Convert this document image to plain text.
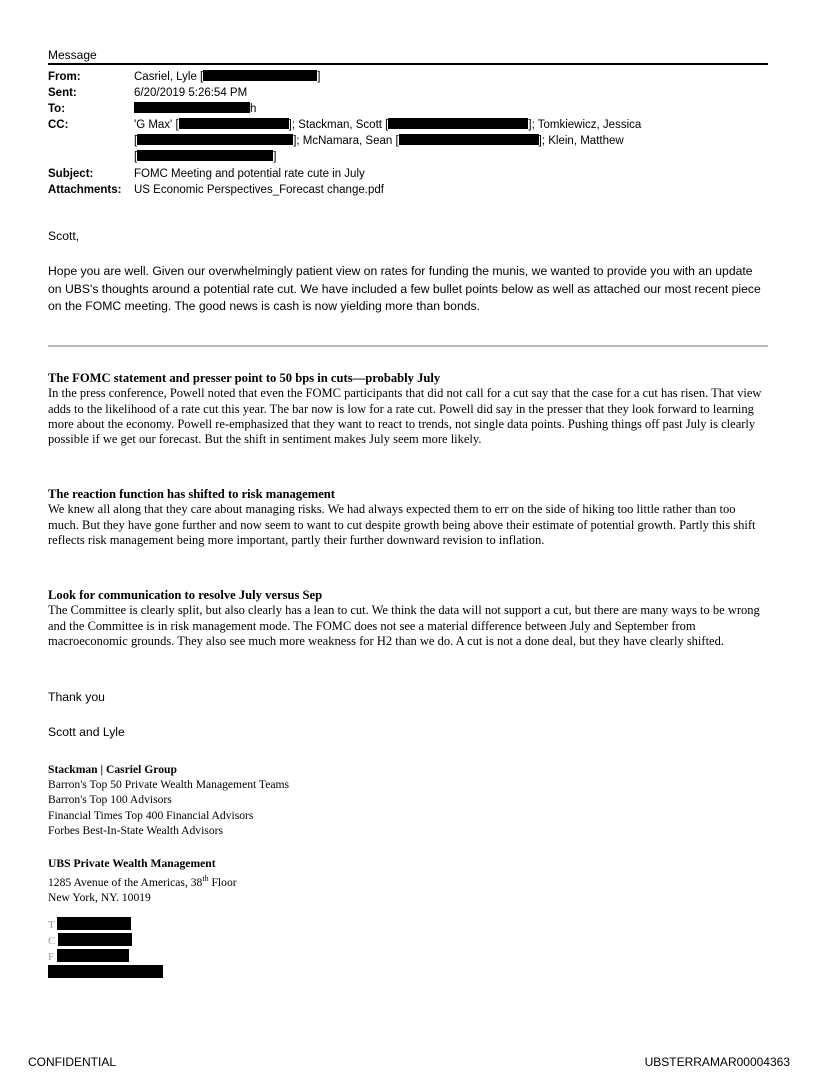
Message
From:	Casriel, Lyle [	]
Sent:	6/20/2019 5:26:54 PM
To:	h
CC:	'G Max' [	]; Stackman, Scott [	]; Tomkiewicz, Jessica
[	]; McNamara, Sean [	]; Klein, Matthew
[	]
Subject:	FOMC Meeting and potential rate cute in July
Attachments: US Economic Perspectives_Forecast change.pdf
Scott,
Hope you are well. Given our overwhelmingly patient view on rates for funding the munis, we wanted to provide you with an update on UBS's thoughts around a potential rate cut. We have included a few bullet points below as well as attached our most recent piece on the FOMC meeting. The good news is cash is now yielding more than bonds.
The FOMC statement and presser point to 50 bps in cuts—probably July

In the press conference, Powell noted that even the FOMC participants that did not call for a cut say that the case for a cut has risen. That view adds to the likelihood of a rate cut this year. The bar now is low for a rate cut. Powell did say in the presser that they look forward to learning more about the economy. Powell re-emphasized that they want to react to trends, not single data points. Pushing things off past July is clearly possible if we get our forecast. But the shift in sentiment makes July seem more likely.

The reaction function has shifted to risk management

We knew all along that they care about managing risks. We had always expected them to err on the side of hiking too little rather than too much. But they have gone further and now seem to want to cut despite growth being above their estimate of potential growth. Partly this shift reflects risk management being more important, partly their further downward revision to inflation.

Look for communication to resolve July versus Sep

The Committee is clearly split, but also clearly has a lean to cut. We think the data will not support a cut, but there are many ways to be wrong and the Committee is in risk management mode. The FOMC does not see a material difference between July and September from macroeconomic grounds. They also see much more weakness for H2 than we do. A cut is not a done deal, but they have clearly shifted.

Thank you
Scott and Lyle
Stackman | Casriel Group
Barron's Top 50 Private Wealth Management Teams
Barron's Top 100 Advisors
Financial Times Top 400 Financial Advisors
Forbes Best-In-State Wealth Advisors
UBS Private Wealth Management
1285 Avenue of the Americas, 38th Floor
New York, NY. 10019
T
C
F
CONFIDENTIAL	UBSTERRAMAR00004363
